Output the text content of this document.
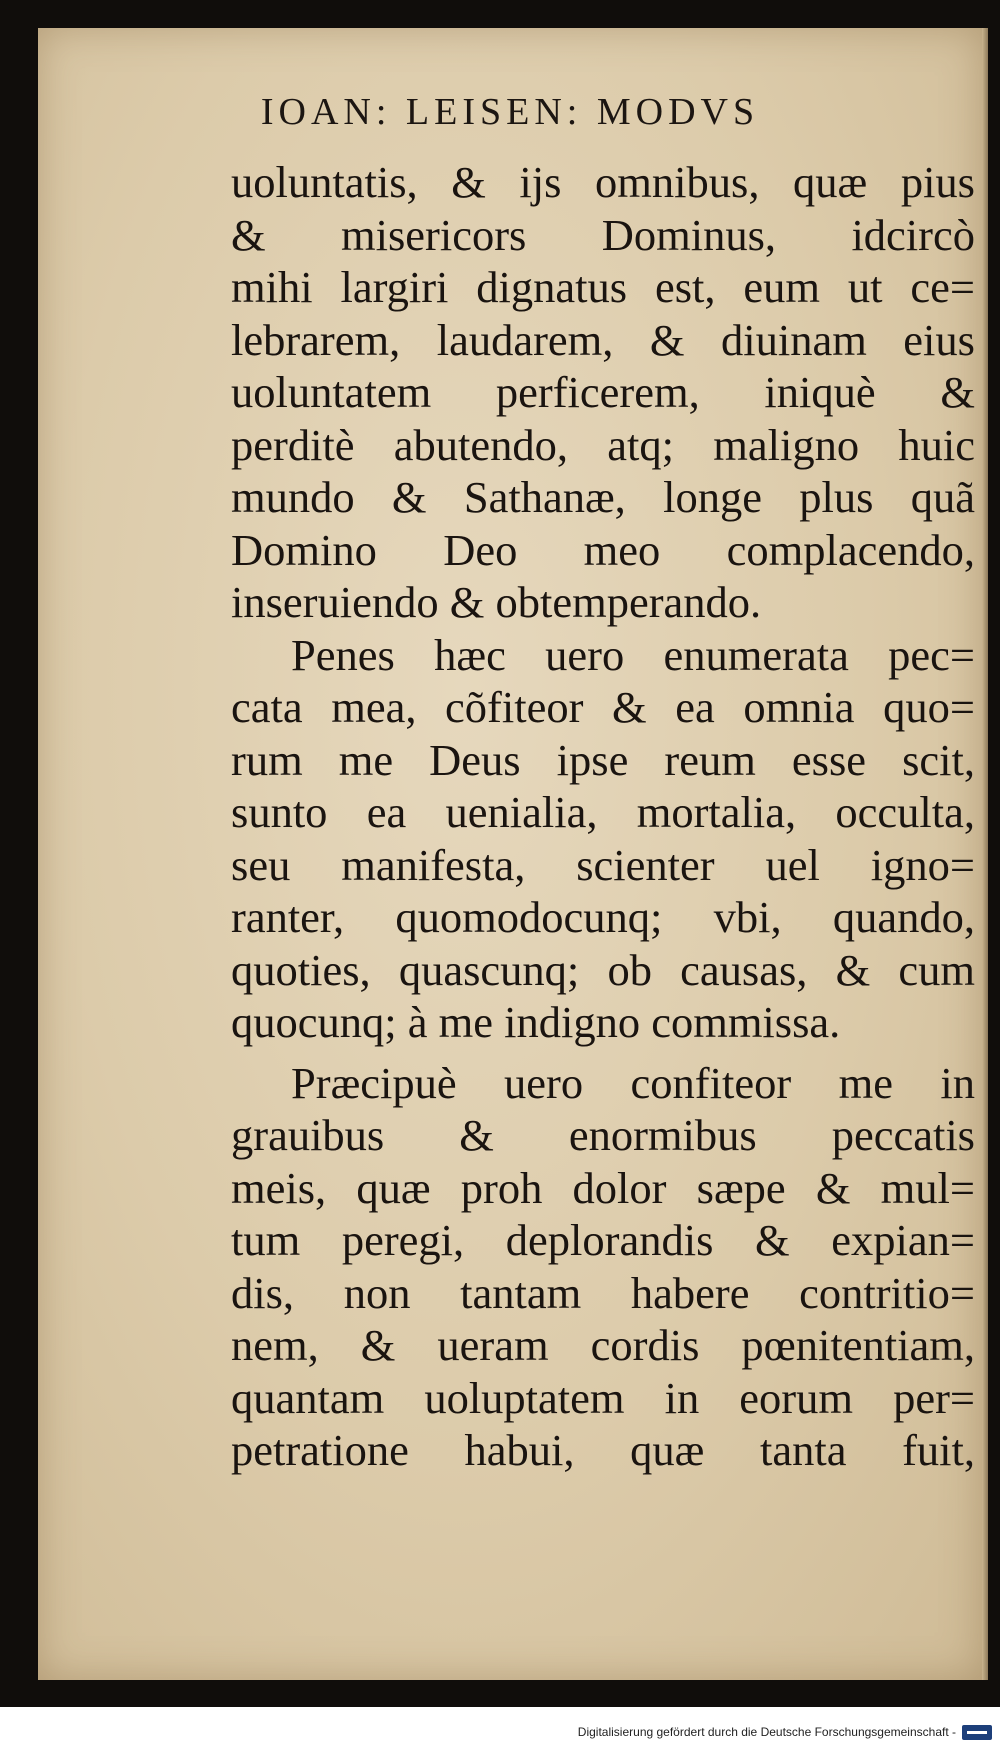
IOAN: LEISEN: MODVS
uoluntatis, & ijs omnibus, quæ pius
& misericors Dominus, idcircò
mihi largiri dignatus est, eum ut ce=
lebrarem, laudarem, & diuinam eius
uoluntatem perficerem, iniquè &
perditè abutendo, atq; maligno huic
mundo & Sathanæ, longe plus quã
Domino Deo meo complacendo,
inseruiendo & obtemperando.
Penes hæc uero enumerata pec=
cata mea, cõfiteor & ea omnia quo=
rum me Deus ipse reum esse scit,
sunto ea uenialia, mortalia, occulta,
seu manifesta, scienter uel igno=
ranter, quomodocunq; vbi, quando,
quoties, quascunq; ob causas, & cum
quocunq; à me indigno commissa.
Præcipuè uero confiteor me in
grauibus & enormibus peccatis
meis, quæ proh dolor sæpe & mul=
tum peregi, deplorandis & expian=
dis, non tantam habere contritio=
nem, & ueram cordis pœnitentiam,
quantam uoluptatem in eorum per=
petratione habui, quæ tanta fuit,
Digitalisierung gefördert durch die Deutsche Forschungsgemeinschaft -
